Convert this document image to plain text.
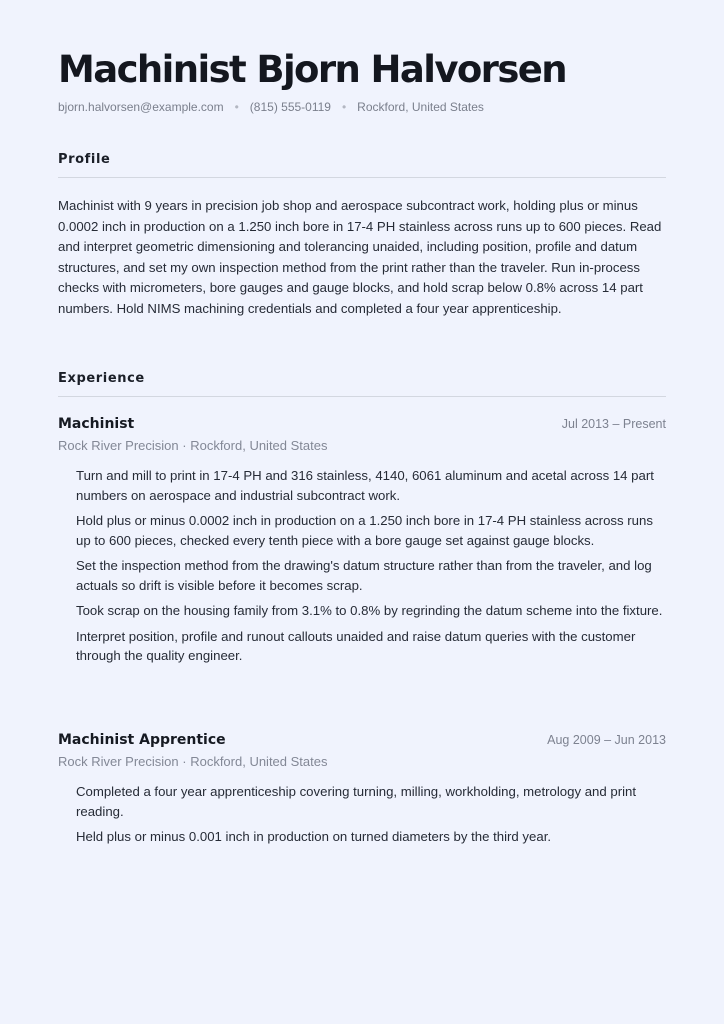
Machinist Bjorn Halvorsen
bjorn.halvorsen@example.com • (815) 555-0119 • Rockford, United States
Profile

Machinist with 9 years in precision job shop and aerospace subcontract work, holding plus or minus 0.0002 inch in production on a 1.250 inch bore in 17-4 PH stainless across runs up to 600 pieces. Read and interpret geometric dimensioning and tolerancing unaided, including position, profile and datum structures, and set my own inspection method from the print rather than the traveler. Run in-process checks with micrometers, bore gauges and gauge blocks, and hold scrap below 0.8% across 14 part numbers. Hold NIMS machining credentials and completed a four year apprenticeship.

Experience
Machinist	Jul 2013 – Present
Rock River Precision · Rockford, United States
Turn and mill to print in 17-4 PH and 316 stainless, 4140, 6061 aluminum and acetal across 14 part numbers on aerospace and industrial subcontract work.
Hold plus or minus 0.0002 inch in production on a 1.250 inch bore in 17-4 PH stainless across runs up to 600 pieces, checked every tenth piece with a bore gauge set against gauge blocks.
Set the inspection method from the drawing's datum structure rather than from the traveler, and log actuals so drift is visible before it becomes scrap.
Took scrap on the housing family from 3.1% to 0.8% by regrinding the datum scheme into the fixture.
Interpret position, profile and runout callouts unaided and raise datum queries with the customer through the quality engineer.
Machinist Apprentice	Aug 2009 – Jun 2013
Rock River Precision · Rockford, United States
Completed a four year apprenticeship covering turning, milling, workholding, metrology and print reading.
Held plus or minus 0.001 inch in production on turned diameters by the third year.
